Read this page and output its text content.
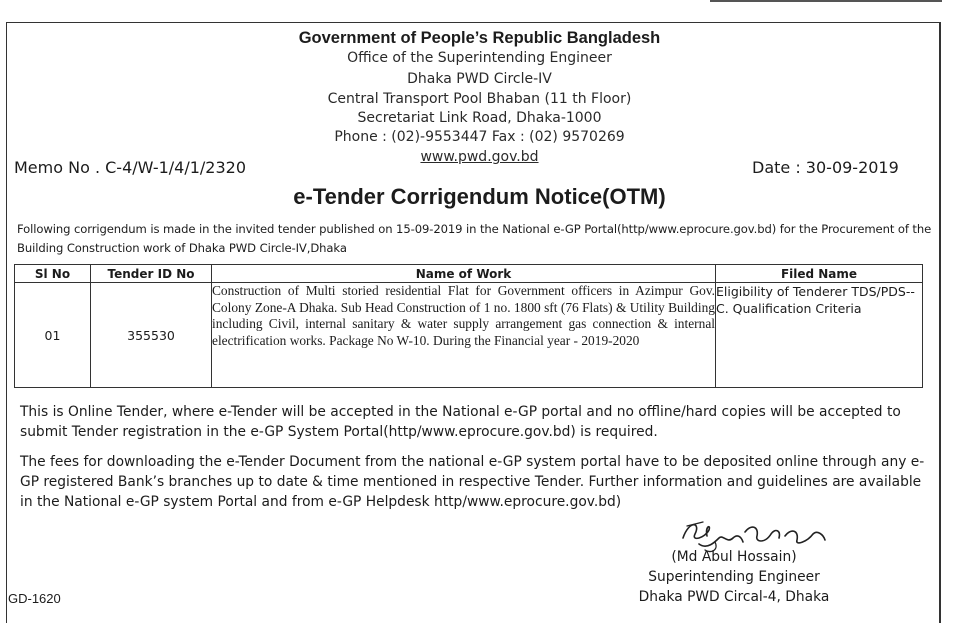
Government of People’s Republic Bangladesh
Office of the Superintending Engineer
Dhaka PWD Circle-IV
Central Transport Pool Bhaban (11 th Floor)
Secretariat Link Road, Dhaka-1000
Phone : (02)-9553447 Fax : (02) 9570269
www.pwd.gov.bd
Memo No . C-4/W-1/4/1/2320	Date : 30-09-2019
e-Tender Corrigendum Notice(OTM)
Following corrigendum is made in the invited tender published on 15-09-2019 in the National e-GP Portal(http/www.eprocure.gov.bd) for the Procurement of the Building Construction work of Dhaka PWD Circle-IV,Dhaka
Sl No	Tender ID No	Name of Work	Filed Name
01	355530	Construction of Multi storied residential Flat for Government officers in Azimpur Gov. Colony Zone-A Dhaka. Sub Head Construction of 1 no. 1800 sft (76 Flats) & Utility Building including Civil, internal sanitary & water supply arrangement gas connection & internal electrification works. Package No W-10. During the Financial year - 2019-2020	Eligibility of Tenderer TDS/PDS--C. Qualification Criteria
This is Online Tender, where e-Tender will be accepted in the National e-GP portal and no offline/hard copies will be accepted to submit Tender registration in the e-GP System Portal(http/www.eprocure.gov.bd) is required.
The fees for downloading the e-Tender Document from the national e-GP system portal have to be deposited online through any e-GP registered Bank’s branches up to date & time mentioned in respective Tender. Further information and guidelines are available in the National e-GP system Portal and from e-GP Helpdesk http/www.eprocure.gov.bd)
(Md Abul Hossain)
Superintending Engineer
Dhaka PWD Circal-4, Dhaka
GD-1620
